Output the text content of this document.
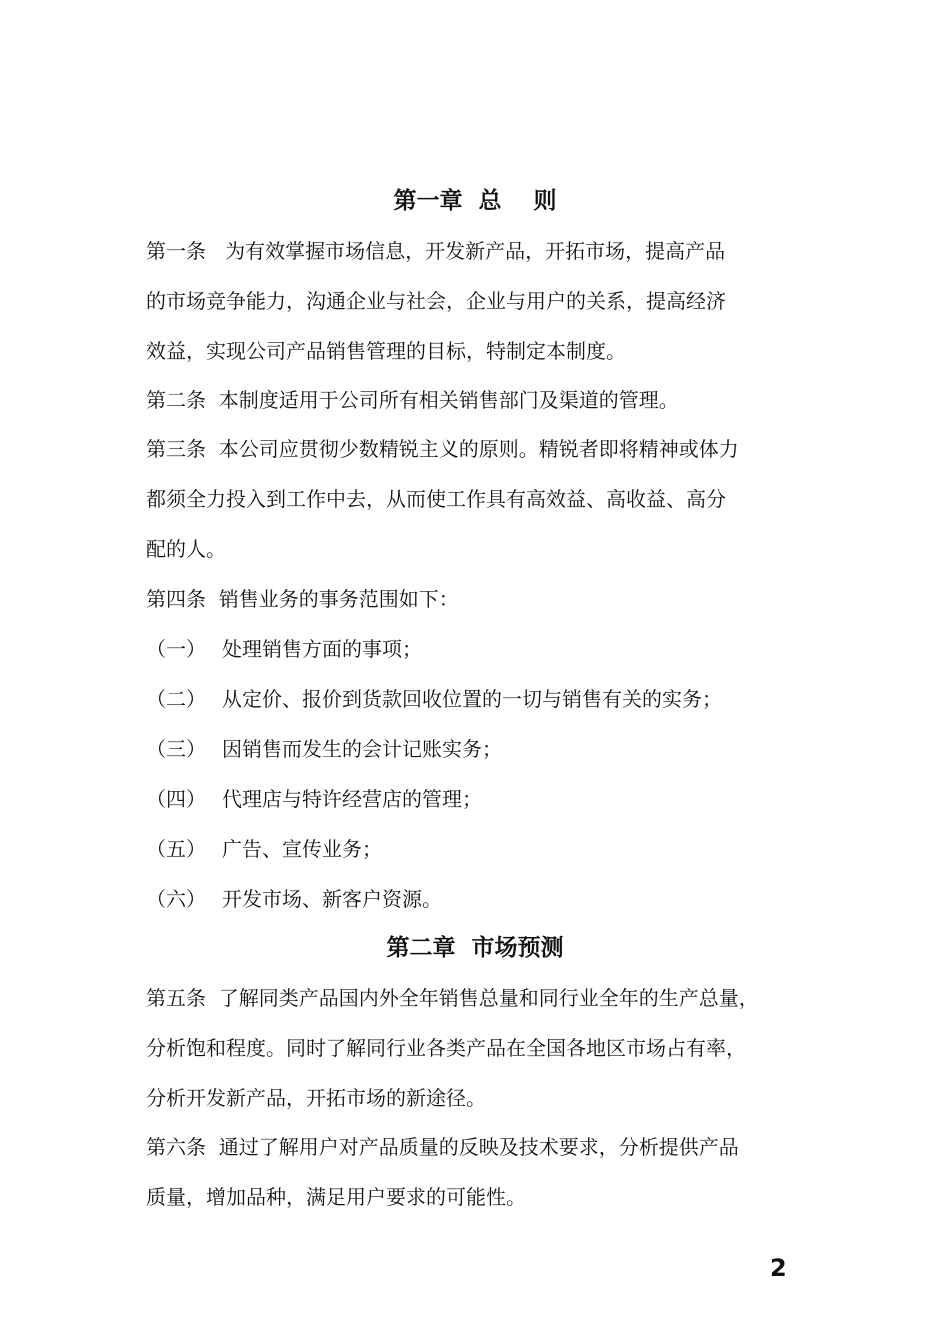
第一章  总    则
第一条   为有效掌握市场信息，开发新产品，开拓市场，提高产品
的市场竞争能力，沟通企业与社会，企业与用户的关系，提高经济
效益，实现公司产品销售管理的目标，特制定本制度。
第二条  本制度适用于公司所有相关销售部门及渠道的管理。
第三条  本公司应贯彻少数精锐主义的原则。精锐者即将精神或体力
都须全力投入到工作中去，从而使工作具有高效益、高收益、高分
配的人。
第四条  销售业务的事务范围如下：
（一） 处理销售方面的事项；
（二） 从定价、报价到货款回收位置的一切与销售有关的实务；
（三） 因销售而发生的会计记账实务；
（四） 代理店与特许经营店的管理；
（五） 广告、宣传业务；
（六） 开发市场、新客户资源。
第二章  市场预测
第五条  了解同类产品国内外全年销售总量和同行业全年的生产总量，
分析饱和程度。同时了解同行业各类产品在全国各地区市场占有率，
分析开发新产品，开拓市场的新途径。
第六条  通过了解用户对产品质量的反映及技术要求，分析提供产品
质量，增加品种，满足用户要求的可能性。
2
